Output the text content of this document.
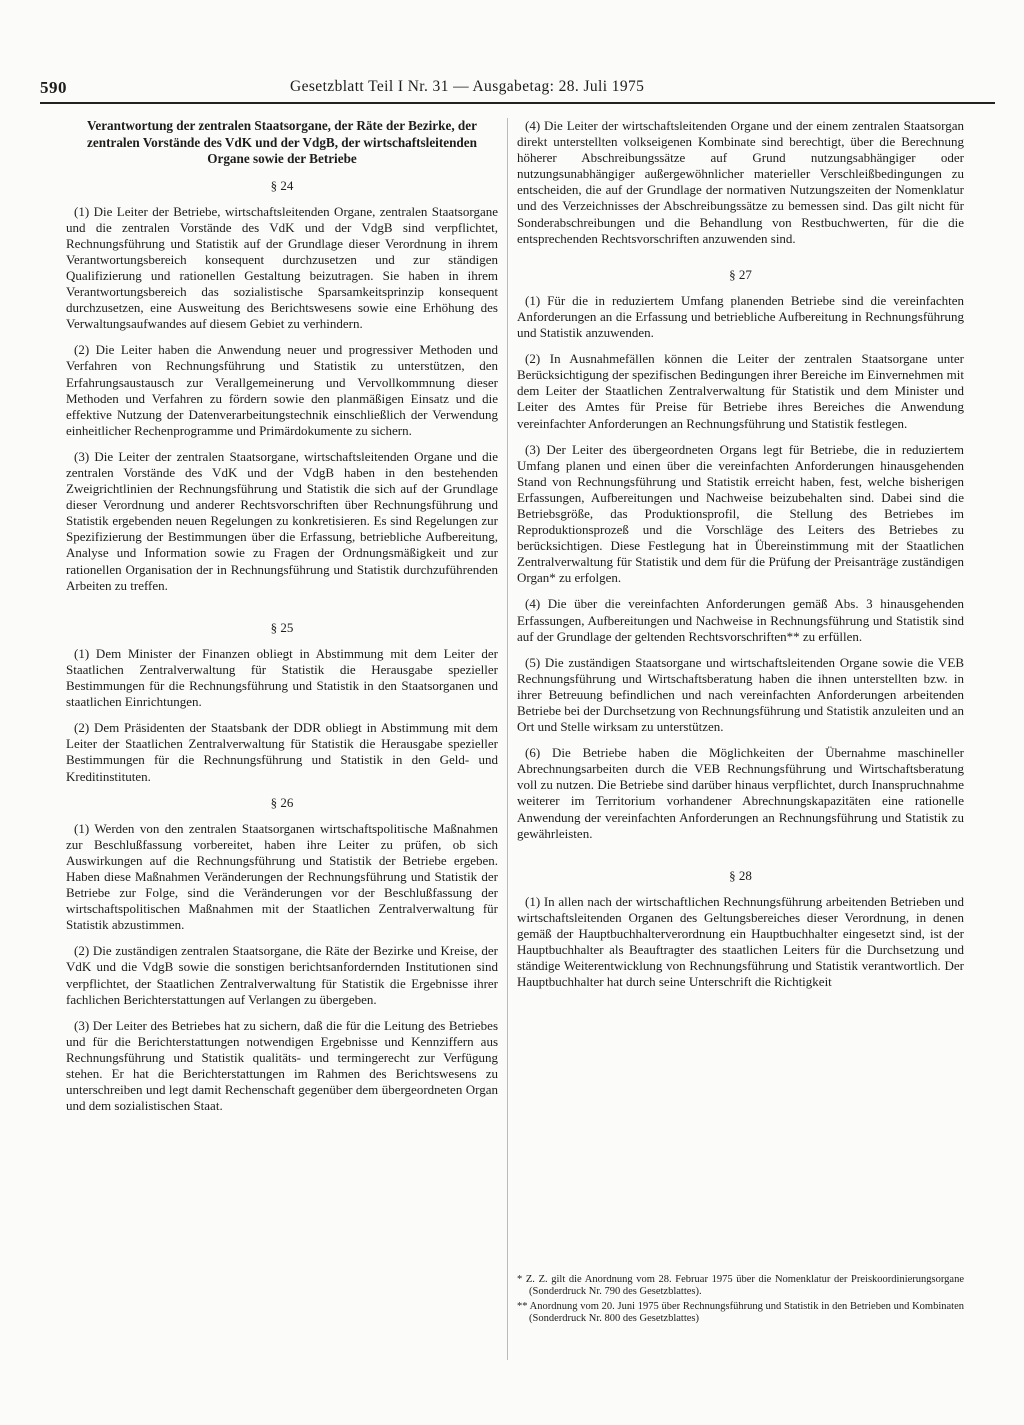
590	Gesetzblatt Teil I Nr. 31 — Ausgabetag: 28. Juli 1975
Verantwortung der zentralen Staatsorgane, der Räte der Bezirke, der zentralen Vorstände des VdK und der VdgB, der wirtschaftsleitenden Organe sowie der Betriebe
§ 24

(1) Die Leiter der Betriebe, wirtschaftsleitenden Organe, zentralen Staatsorgane und die zentralen Vorstände des VdK und der VdgB sind verpflichtet, Rechnungsführung und Statistik auf der Grundlage dieser Verordnung in ihrem Verantwortungsbereich konsequent durchzusetzen und zur ständigen Qualifizierung und rationellen Gestaltung beizutragen. Sie haben in ihrem Verantwortungsbereich das sozialistische Sparsamkeitsprinzip konsequent durchzusetzen, eine Ausweitung des Berichtswesens sowie eine Erhöhung des Verwaltungsaufwandes auf diesem Gebiet zu verhindern.

(2) Die Leiter haben die Anwendung neuer und progressiver Methoden und Verfahren von Rechnungsführung und Statistik zu unterstützen, den Erfahrungsaustausch zur Verallgemeinerung und Vervollkommnung dieser Methoden und Verfahren zu fördern sowie den planmäßigen Einsatz und die effektive Nutzung der Datenverarbeitungstechnik einschließlich der Verwendung einheitlicher Rechenprogramme und Primärdokumente zu sichern.

(3) Die Leiter der zentralen Staatsorgane, wirtschaftsleitenden Organe und die zentralen Vorstände des VdK und der VdgB haben in den bestehenden Zweigrichtlinien der Rechnungsführung und Statistik die sich auf der Grundlage dieser Verordnung und anderer Rechtsvorschriften über Rechnungsführung und Statistik ergebenden neuen Regelungen zu konkretisieren. Es sind Regelungen zur Spezifizierung der Bestimmungen über die Erfassung, betriebliche Aufbereitung, Analyse und Information sowie zu Fragen der Ordnungsmäßigkeit und zur rationellen Organisation der in Rechnungsführung und Statistik durchzuführenden Arbeiten zu treffen.

§ 25

(1) Dem Minister der Finanzen obliegt in Abstimmung mit dem Leiter der Staatlichen Zentralverwaltung für Statistik die Herausgabe spezieller Bestimmungen für die Rechnungsführung und Statistik in den Staatsorganen und staatlichen Einrichtungen.

(2) Dem Präsidenten der Staatsbank der DDR obliegt in Abstimmung mit dem Leiter der Staatlichen Zentralverwaltung für Statistik die Herausgabe spezieller Bestimmungen für die Rechnungsführung und Statistik in den Geld- und Kreditinstituten.

§ 26

(1) Werden von den zentralen Staatsorganen wirtschaftspolitische Maßnahmen zur Beschlußfassung vorbereitet, haben ihre Leiter zu prüfen, ob sich Auswirkungen auf die Rechnungsführung und Statistik der Betriebe ergeben. Haben diese Maßnahmen Veränderungen der Rechnungsführung und Statistik der Betriebe zur Folge, sind die Veränderungen vor der Beschlußfassung der wirtschaftspolitischen Maßnahmen mit der Staatlichen Zentralverwaltung für Statistik abzustimmen.

(2) Die zuständigen zentralen Staatsorgane, die Räte der Bezirke und Kreise, der VdK und die VdgB sowie die sonstigen berichtsanfordernden Institutionen sind verpflichtet, der Staatlichen Zentralverwaltung für Statistik die Ergebnisse ihrer fachlichen Berichterstattungen auf Verlangen zu übergeben.

(3) Der Leiter des Betriebes hat zu sichern, daß die für die Leitung des Betriebes und für die Berichterstattungen notwendigen Ergebnisse und Kennziffern aus Rechnungsführung und Statistik qualitäts- und termingerecht zur Verfügung stehen. Er hat die Berichterstattungen im Rahmen des Berichtswesens zu unterschreiben und legt damit Rechenschaft gegenüber dem übergeordneten Organ und dem sozialistischen Staat.

(4) Die Leiter der wirtschaftsleitenden Organe und der einem zentralen Staatsorgan direkt unterstellten volkseigenen Kombinate sind berechtigt, über die Berechnung höherer Abschreibungssätze auf Grund nutzungsabhängiger oder nutzungsunabhängiger außergewöhnlicher materieller Verschleißbedingungen zu entscheiden, die auf der Grundlage der normativen Nutzungszeiten der Nomenklatur und des Verzeichnisses der Abschreibungssätze zu bemessen sind. Das gilt nicht für Sonderabschreibungen und die Behandlung von Restbuchwerten, für die die entsprechenden Rechtsvorschriften anzuwenden sind.

§ 27

(1) Für die in reduziertem Umfang planenden Betriebe sind die vereinfachten Anforderungen an die Erfassung und betriebliche Aufbereitung in Rechnungsführung und Statistik anzuwenden.

(2) In Ausnahmefällen können die Leiter der zentralen Staatsorgane unter Berücksichtigung der spezifischen Bedingungen ihrer Bereiche im Einvernehmen mit dem Leiter der Staatlichen Zentralverwaltung für Statistik und dem Minister und Leiter des Amtes für Preise für Betriebe ihres Bereiches die Anwendung vereinfachter Anforderungen an Rechnungsführung und Statistik festlegen.

(3) Der Leiter des übergeordneten Organs legt für Betriebe, die in reduziertem Umfang planen und einen über die vereinfachten Anforderungen hinausgehenden Stand von Rechnungsführung und Statistik erreicht haben, fest, welche bisherigen Erfassungen, Aufbereitungen und Nachweise beizubehalten sind. Dabei sind die Betriebsgröße, das Produktionsprofil, die Stellung des Betriebes im Reproduktionsprozeß und die Vorschläge des Leiters des Betriebes zu berücksichtigen. Diese Festlegung hat in Übereinstimmung mit der Staatlichen Zentralverwaltung für Statistik und dem für die Prüfung der Preisanträge zuständigen Organ* zu erfolgen.

(4) Die über die vereinfachten Anforderungen gemäß Abs. 3 hinausgehenden Erfassungen, Aufbereitungen und Nachweise in Rechnungsführung und Statistik sind auf der Grundlage der geltenden Rechtsvorschriften** zu erfüllen.

(5) Die zuständigen Staatsorgane und wirtschaftsleitenden Organe sowie die VEB Rechnungsführung und Wirtschaftsberatung haben die ihnen unterstellten bzw. in ihrer Betreuung befindlichen und nach vereinfachten Anforderungen arbeitenden Betriebe bei der Durchsetzung von Rechnungsführung und Statistik anzuleiten und an Ort und Stelle wirksam zu unterstützen.

(6) Die Betriebe haben die Möglichkeiten der Übernahme maschineller Abrechnungsarbeiten durch die VEB Rechnungsführung und Wirtschaftsberatung voll zu nutzen. Die Betriebe sind darüber hinaus verpflichtet, durch Inanspruchnahme weiterer im Territorium vorhandener Abrechnungskapazitäten eine rationelle Anwendung der vereinfachten Anforderungen an Rechnungsführung und Statistik zu gewährleisten.

§ 28

(1) In allen nach der wirtschaftlichen Rechnungsführung arbeitenden Betrieben und wirtschaftsleitenden Organen des Geltungsbereiches dieser Verordnung, in denen gemäß der Hauptbuchhalterverordnung ein Hauptbuchhalter eingesetzt sind, ist der Hauptbuchhalter als Beauftragter des staatlichen Leiters für die Durchsetzung und ständige Weiterentwicklung von Rechnungsführung und Statistik verantwortlich. Der Hauptbuchhalter hat durch seine Unterschrift die Richtigkeit

* Z. Z. gilt die Anordnung vom 28. Februar 1975 über die Nomenklatur der Preiskoordinierungsorgane (Sonderdruck Nr. 790 des Gesetzblattes).

** Anordnung vom 20. Juni 1975 über Rechnungsführung und Statistik in den Betrieben und Kombinaten (Sonderdruck Nr. 800 des Gesetzblattes)
